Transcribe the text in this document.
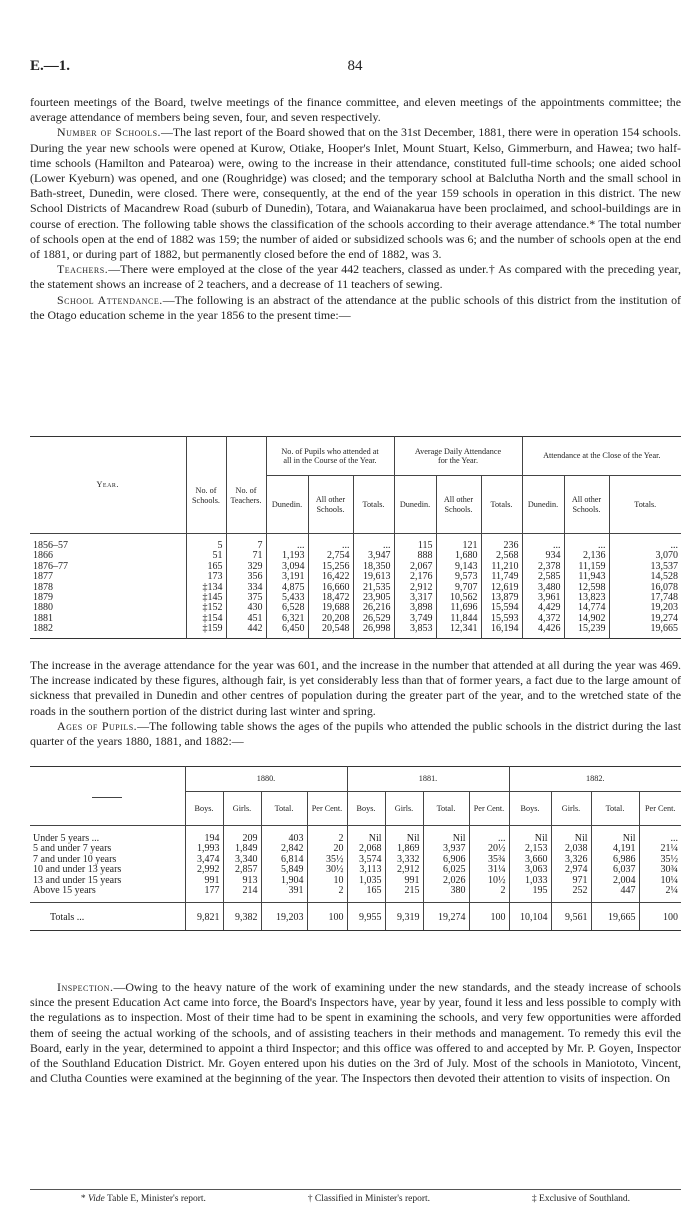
E.—1.	84

fourteen meetings of the Board, twelve meetings of the finance committee, and eleven meetings of the appointments committee; the average attendance of members being seven, four, and seven respectively.

Number of Schools.—The last report of the Board showed that on the 31st December, 1881, there were in operation 154 schools. During the year new schools were opened at Kurow, Otiake, Hooper's Inlet, Mount Stuart, Kelso, Gimmerburn, and Hawea; two half-time schools (Hamilton and Patearoa) were, owing to the increase in their attendance, constituted full-time schools; one aided school (Lower Kyeburn) was opened, and one (Roughridge) was closed; and the temporary school at Balclutha North and the small school in Bath-street, Dunedin, were closed. There were, consequently, at the end of the year 159 schools in operation in this district. The new School Districts of Macandrew Road (suburb of Dunedin), Totara, and Waianakarua have been proclaimed, and school-buildings are in course of erection. The following table shows the classification of the schools according to their average attendance.* The total number of schools open at the end of 1882 was 159; the number of aided or subsidized schools was 6; and the number of schools open at the end of 1881, or during part of 1882, but permanently closed before the end of 1882, was 3.

Teachers.—There were employed at the close of the year 442 teachers, classed as under.† As compared with the preceding year, the statement shows an increase of 2 teachers, and a decrease of 11 teachers of sewing.

School Attendance.—The following is an abstract of the attendance at the public schools of this district from the institution of the Otago education scheme in the year 1856 to the present time:—

Year.	No. of Schools.	No. of Teachers.	No. of Pupils who attended at all in the Course of the Year.			Average Daily Attendance for the Year.			Attendance at the Close of the Year.		
			Dunedin.	All other Schools.	Totals.	Dunedin.	All other Schools.	Totals.	Dunedin.	All other Schools.	Totals.
1856–57	5	7	...	...	...	115	121	236	...	...	...
1866	51	71	1,193	2,754	3,947	888	1,680	2,568	934	2,136	3,070
1876–77	165	329	3,094	15,256	18,350	2,067	9,143	11,210	2,378	11,159	13,537
1877	173	356	3,191	16,422	19,613	2,176	9,573	11,749	2,585	11,943	14,528
1878	‡134	334	4,875	16,660	21,535	2,912	9,707	12,619	3,480	12,598	16,078
1879	‡145	375	5,433	18,472	23,905	3,317	10,562	13,879	3,961	13,823	17,748
1880	‡152	430	6,528	19,688	26,216	3,898	11,696	15,594	4,429	14,774	19,203
1881	‡154	451	6,321	20,208	26,529	3,749	11,844	15,593	4,372	14,902	19,274
1882	‡159	442	6,450	20,548	26,998	3,853	12,341	16,194	4,426	15,239	19,665

The increase in the average attendance for the year was 601, and the increase in the number that attended at all during the year was 469. The increase indicated by these figures, although fair, is yet considerably less than that of former years, a fact due to the large amount of sickness that prevailed in Dunedin and other centres of population during the greater part of the year, and to the wretched state of the roads in the southern portion of the district during last winter and spring.

Ages of Pupils.—The following table shows the ages of the pupils who attended the public schools in the district during the last quarter of the years 1880, 1881, and 1882:—

	1880.				1881.				1882.			
	Boys.	Girls.	Total.	Per Cent.	Boys.	Girls.	Total.	Per Cent.	Boys.	Girls.	Total.	Per Cent.
Under 5 years ...	194	209	403	2	Nil	Nil	Nil	...	Nil	Nil	Nil	...
5 and under 7 years	1,993	1,849	2,842	20	2,068	1,869	3,937	20½	2,153	2,038	4,191	21¼
7 and under 10 years	3,474	3,340	6,814	35½	3,574	3,332	6,906	35¾	3,660	3,326	6,986	35½
10 and under 13 years	2,992	2,857	5,849	30½	3,113	2,912	6,025	31¼	3,063	2,974	6,037	30¾
13 and under 15 years	991	913	1,904	10	1,035	991	2,026	10½	1,033	971	2,004	10¼
Above 15 years	177	214	391	2	165	215	380	2	195	252	447	2¼
Totals ...	9,821	9,382	19,203	100	9,955	9,319	19,274	100	10,104	9,561	19,665	100

Inspection.—Owing to the heavy nature of the work of examining under the new standards, and the steady increase of schools since the present Education Act came into force, the Board's Inspectors have, year by year, found it less and less possible to comply with the regulations as to inspection. Most of their time had to be spent in examining the schools, and very few opportunities were afforded them of seeing the actual working of the schools, and of assisting teachers in their methods and management. To remedy this evil the Board, early in the year, determined to appoint a third Inspector; and this office was offered to and accepted by Mr. P. Goyen, Inspector of the Southland Education District. Mr. Goyen entered upon his duties on the 3rd of July. Most of the schools in Maniototo, Vincent, and Clutha Counties were examined at the beginning of the year. The Inspectors then devoted their attention to visits of inspection. On

* Vide Table E, Minister's report.	† Classified in Minister's report.	‡ Exclusive of Southland.
